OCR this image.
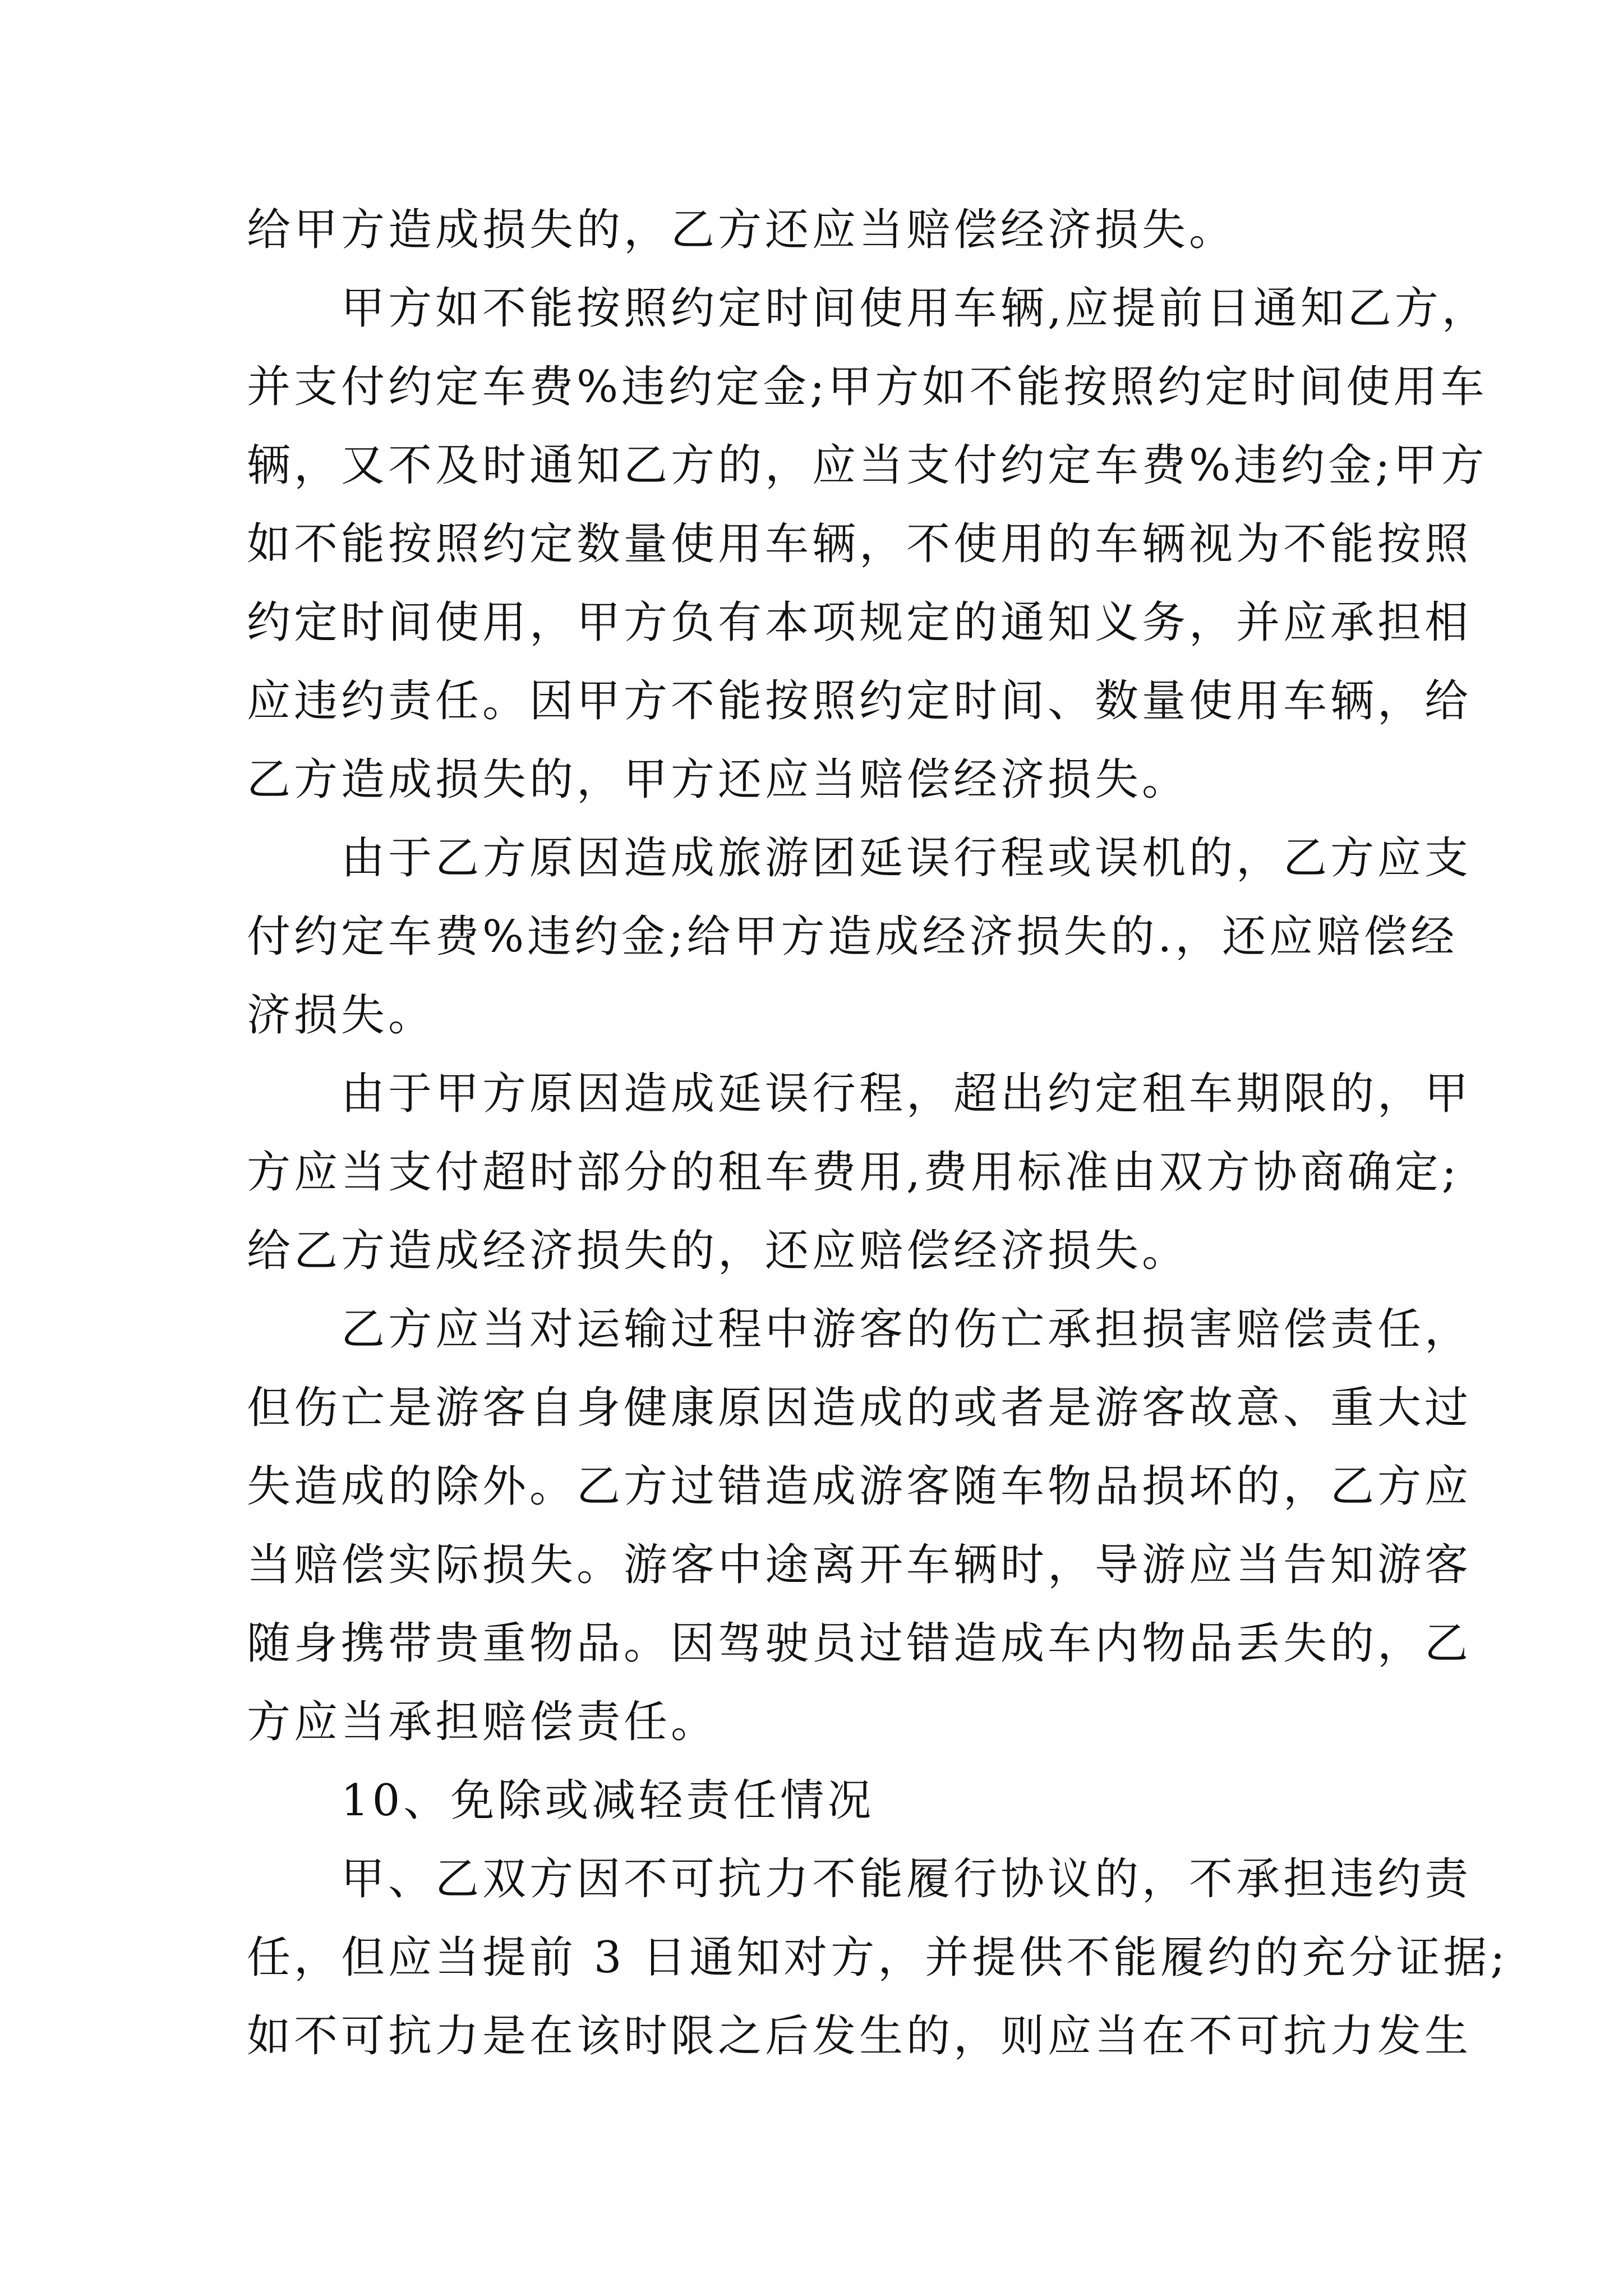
给甲方造成损失的，乙方还应当赔偿经济损失。
甲方如不能按照约定时间使用车辆,应提前日通知乙方，
并支付约定车费%违约定金;甲方如不能按照约定时间使用车
辆，又不及时通知乙方的，应当支付约定车费%违约金;甲方
如不能按照约定数量使用车辆，不使用的车辆视为不能按照
约定时间使用，甲方负有本项规定的通知义务，并应承担相
应违约责任。因甲方不能按照约定时间、数量使用车辆，给
乙方造成损失的，甲方还应当赔偿经济损失。
由于乙方原因造成旅游团延误行程或误机的，乙方应支
付约定车费%违约金;给甲方造成经济损失的.，还应赔偿经
济损失。
由于甲方原因造成延误行程，超出约定租车期限的，甲
方应当支付超时部分的租车费用,费用标准由双方协商确定;
给乙方造成经济损失的，还应赔偿经济损失。
乙方应当对运输过程中游客的伤亡承担损害赔偿责任，
但伤亡是游客自身健康原因造成的或者是游客故意、重大过
失造成的除外。乙方过错造成游客随车物品损坏的，乙方应
当赔偿实际损失。游客中途离开车辆时，导游应当告知游客
随身携带贵重物品。因驾驶员过错造成车内物品丢失的，乙
方应当承担赔偿责任。
10、免除或减轻责任情况
甲、乙双方因不可抗力不能履行协议的，不承担违约责
任，但应当提前 3 日通知对方，并提供不能履约的充分证据;
如不可抗力是在该时限之后发生的，则应当在不可抗力发生
